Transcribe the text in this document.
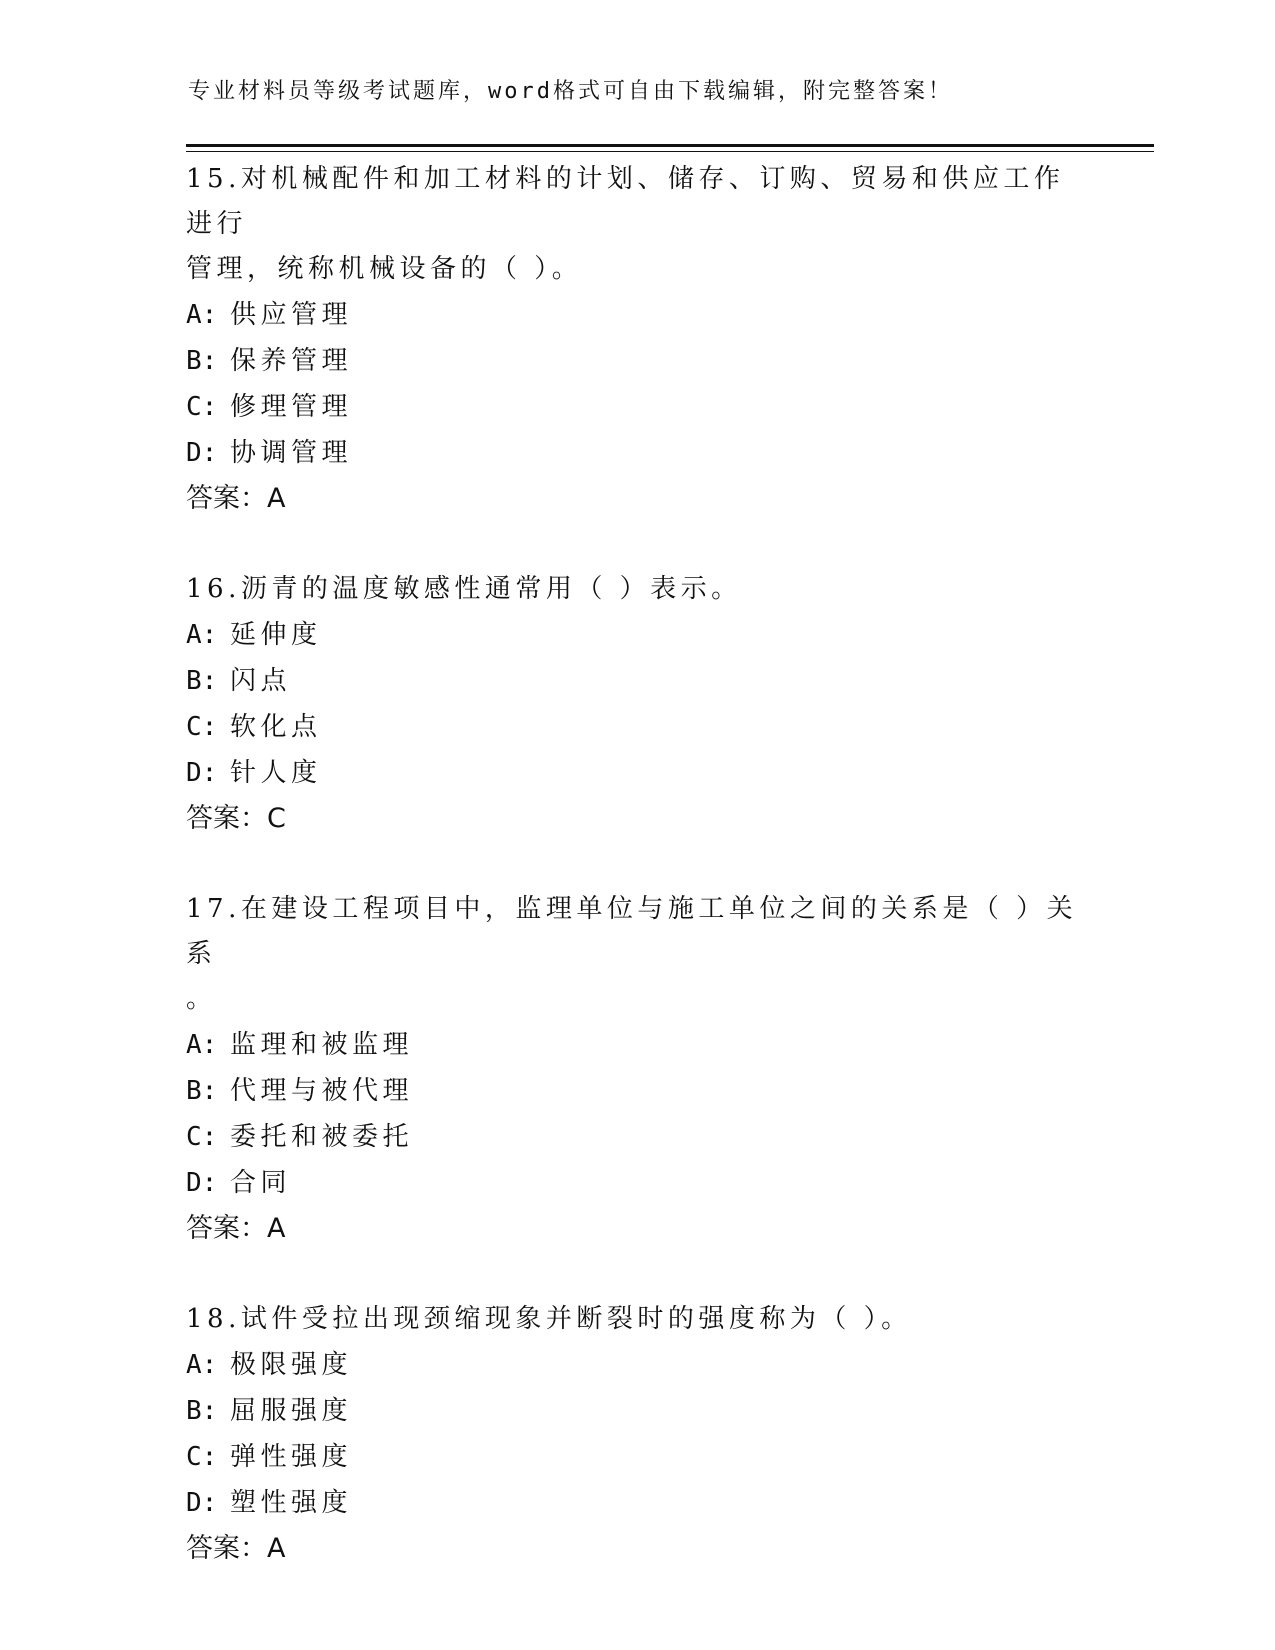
专业材料员等级考试题库，word格式可自由下载编辑，附完整答案！

15.对机械配件和加工材料的计划、储存、订购、贸易和供应工作进行
管理，统称机械设备的（ ）。

A: 供应管理

B: 保养管理

C: 修理管理

D: 协调管理

答案：A

16.沥青的温度敏感性通常用（ ）表示。

A: 延伸度

B: 闪点

C: 软化点

D: 针人度

答案：C

17.在建设工程项目中，监理单位与施工单位之间的关系是（ ）关系
。

A: 监理和被监理

B: 代理与被代理

C: 委托和被委托

D: 合同

答案：A

18.试件受拉出现颈缩现象并断裂时的强度称为（ ）。

A: 极限强度

B: 屈服强度

C: 弹性强度

D: 塑性强度

答案：A
